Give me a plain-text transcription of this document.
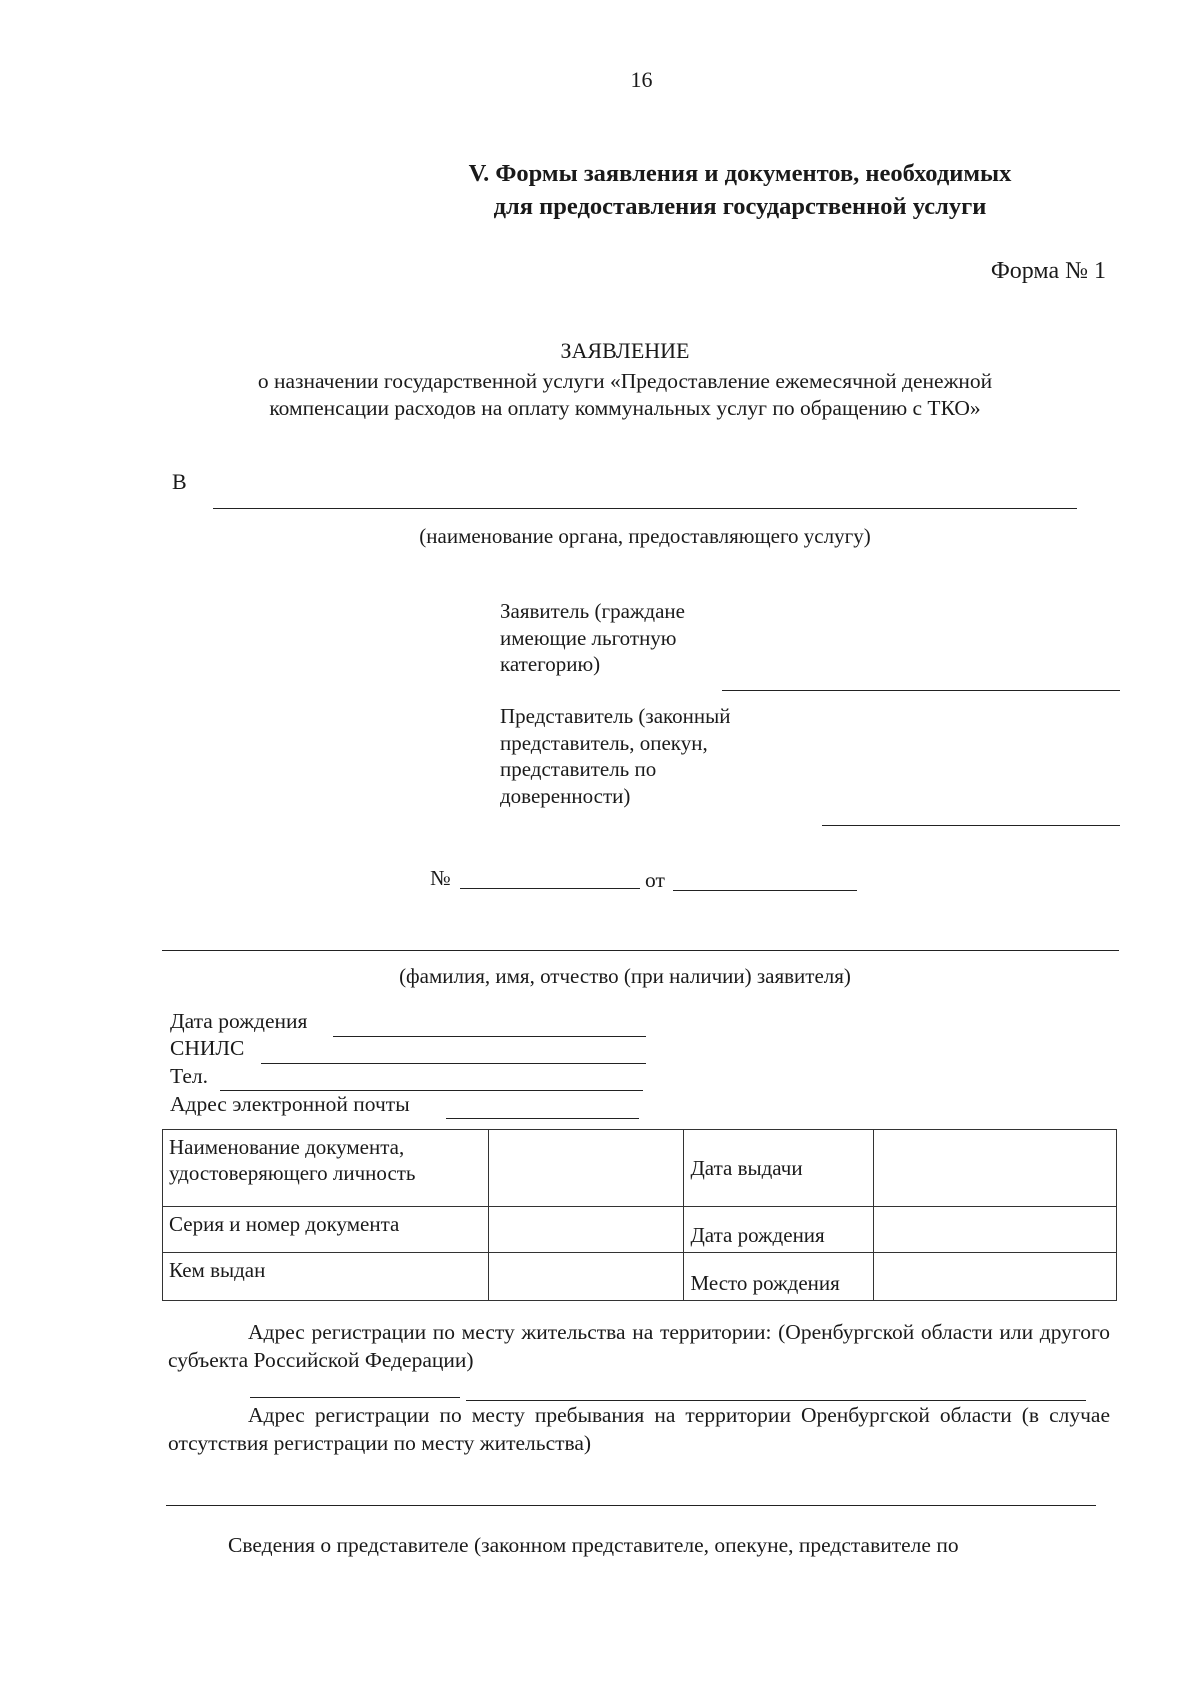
16
V. Формы заявления и документов, необходимых
для предоставления государственной услуги
Форма № 1
ЗАЯВЛЕНИЕ
о назначении государственной услуги «Предоставление ежемесячной денежной
компенсации расходов на оплату коммунальных услуг по обращению с ТКО»
В
(наименование органа, предоставляющего услугу)
Заявитель (граждане
имеющие льготную
категорию)
Представитель (законный
представитель, опекун,
представитель по
доверенности)
№	от
(фамилия, имя, отчество (при наличии) заявителя)
Дата рождения
СНИЛС
Тел.
Адрес электронной почты
Наименование документа,
удостоверяющего личность		Дата выдачи	
Серия и номер документа		Дата рождения	
Кем выдан		Место рождения	
Адрес регистрации по месту жительства на территории: (Оренбургской области или другого субъекта Российской Федерации)
Адрес регистрации по месту пребывания на территории Оренбургской области (в случае отсутствия регистрации по месту жительства)
Сведения о представителе (законном представителе, опекуне, представителе по
